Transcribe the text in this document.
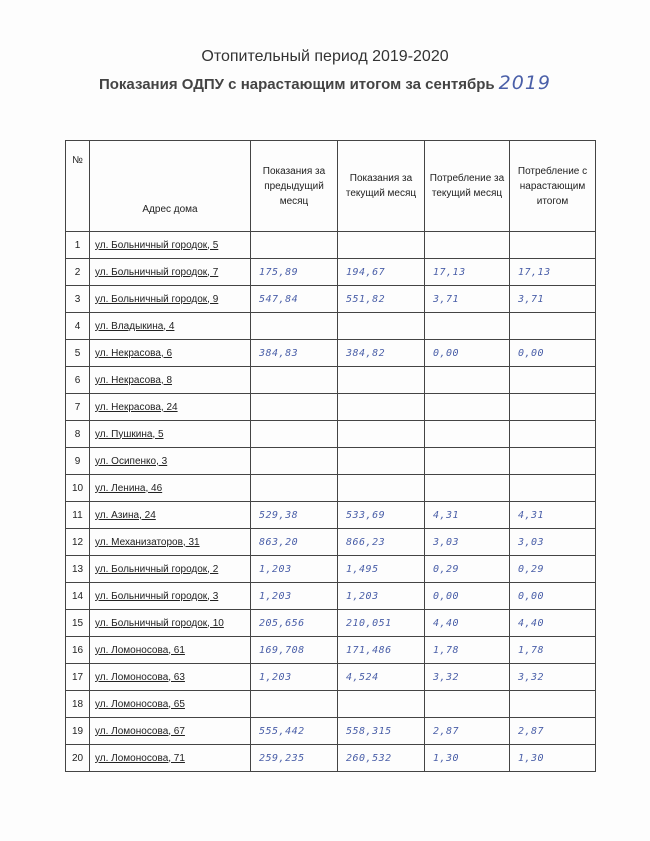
Отопительный период 2019-2020
Показания ОДПУ с нарастающим итогом за сентябрь 2019
№	Адрес дома	Показания за предыдущий месяц	Показания за текущий месяц	Потребление за текущий месяц	Потребление с нарастающим итогом
1	ул. Больничный городок, 5				
2	ул. Больничный городок, 7	175,89	194,67	17,13	17,13
3	ул. Больничный городок, 9	547,84	551,82	3,71	3,71
4	ул. Владыкина, 4				
5	ул. Некрасова, 6	384,83	384,82	0,00	0,00
6	ул. Некрасова, 8				
7	ул. Некрасова, 24				
8	ул. Пушкина, 5				
9	ул. Осипенко, 3				
10	ул. Ленина, 46				
11	ул. Азина, 24	529,38	533,69	4,31	4,31
12	ул. Механизаторов, 31	863,20	866,23	3,03	3,03
13	ул. Больничный городок, 2	1,203	1,495	0,29	0,29
14	ул. Больничный городок, 3	1,203	1,203	0,00	0,00
15	ул. Больничный городок, 10	205,656	210,051	4,40	4,40
16	ул. Ломоносова, 61	169,708	171,486	1,78	1,78
17	ул. Ломоносова, 63	1,203	4,524	3,32	3,32
18	ул. Ломоносова, 65				
19	ул. Ломоносова, 67	555,442	558,315	2,87	2,87
20	ул. Ломоносова, 71	259,235	260,532	1,30	1,30
